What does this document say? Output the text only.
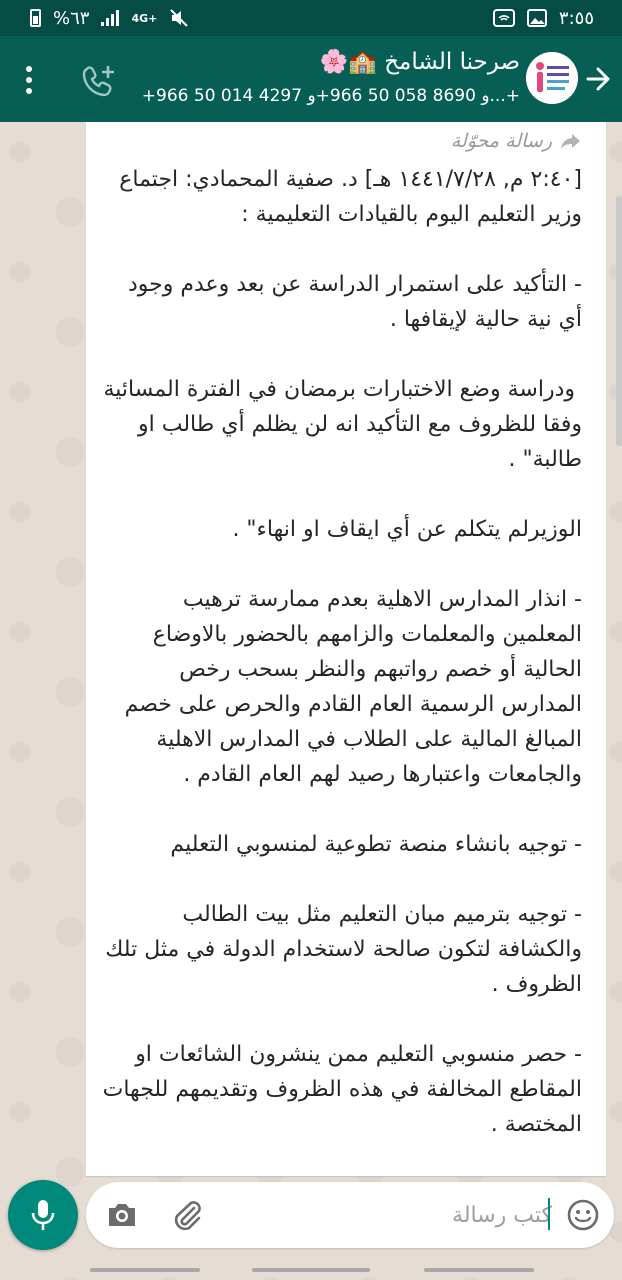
%٦٣	4G+	٣:٥٥
صرحنا الشامخ 🏫🌸
‎+966 50 014 4297 و‎+966 50 058 8690 و...+
رسالة محوّلة
[٢:٤٠ م, ١٤٤١/٧/٢٨ هـ] د. صفية المحمادي: اجتماع وزير التعليم اليوم بالقيادات التعليمية :

- التأكيد على استمرار الدراسة عن بعد وعدم وجود أي نية حالية لإيقافها .

ودراسة وضع الاختبارات برمضان في الفترة المسائية وفقا للظروف مع التأكيد انه لن يظلم أي طالب او طالبة" .

الوزيرلم يتكلم عن أي ايقاف او انهاء" .

- انذار المدارس الاهلية بعدم ممارسة ترهيب المعلمين والمعلمات والزامهم بالحضور بالاوضاع الحالية أو خصم رواتبهم والنظر بسحب رخص المدارس الرسمية العام القادم والحرص على خصم المبالغ المالية على الطلاب في المدارس الاهلية والجامعات واعتبارها رصيد لهم العام القادم .

- توجيه بانشاء منصة تطوعية لمنسوبي التعليم

- توجيه بترميم مبان التعليم مثل بيت الطالب والكشافة لتكون صالحة لاستخدام الدولة في مثل تلك الظروف .

- حصر منسوبي التعليم ممن ينشرون الشائعات او المقاطع المخالفة في هذه الظروف وتقديمهم للجهات المختصة .
كتب رسالة
